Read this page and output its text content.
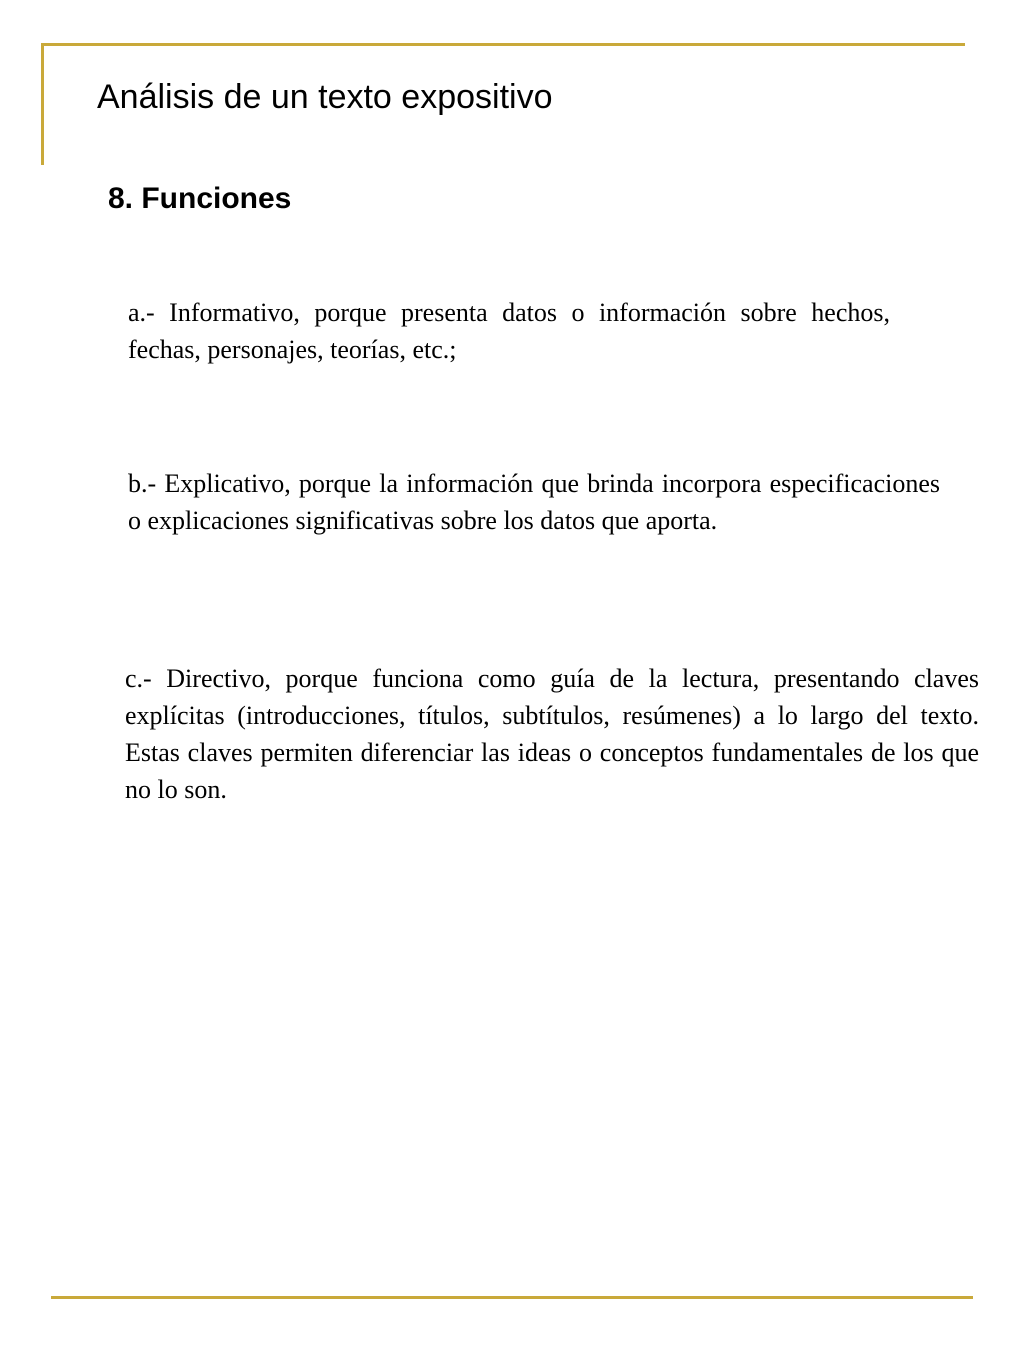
Análisis de un texto expositivo
8. Funciones

a.- Informativo, porque presenta datos o información sobre hechos, fechas, personajes, teorías, etc.;

b.- Explicativo, porque la información que brinda incorpora especificaciones o explicaciones significativas sobre los datos que aporta.

c.- Directivo, porque funciona como guía de la lectura, presentando claves explícitas (introducciones, títulos, subtítulos, resúmenes) a lo largo del texto. Estas claves permiten diferenciar las ideas o conceptos fundamentales de los que no lo son.
